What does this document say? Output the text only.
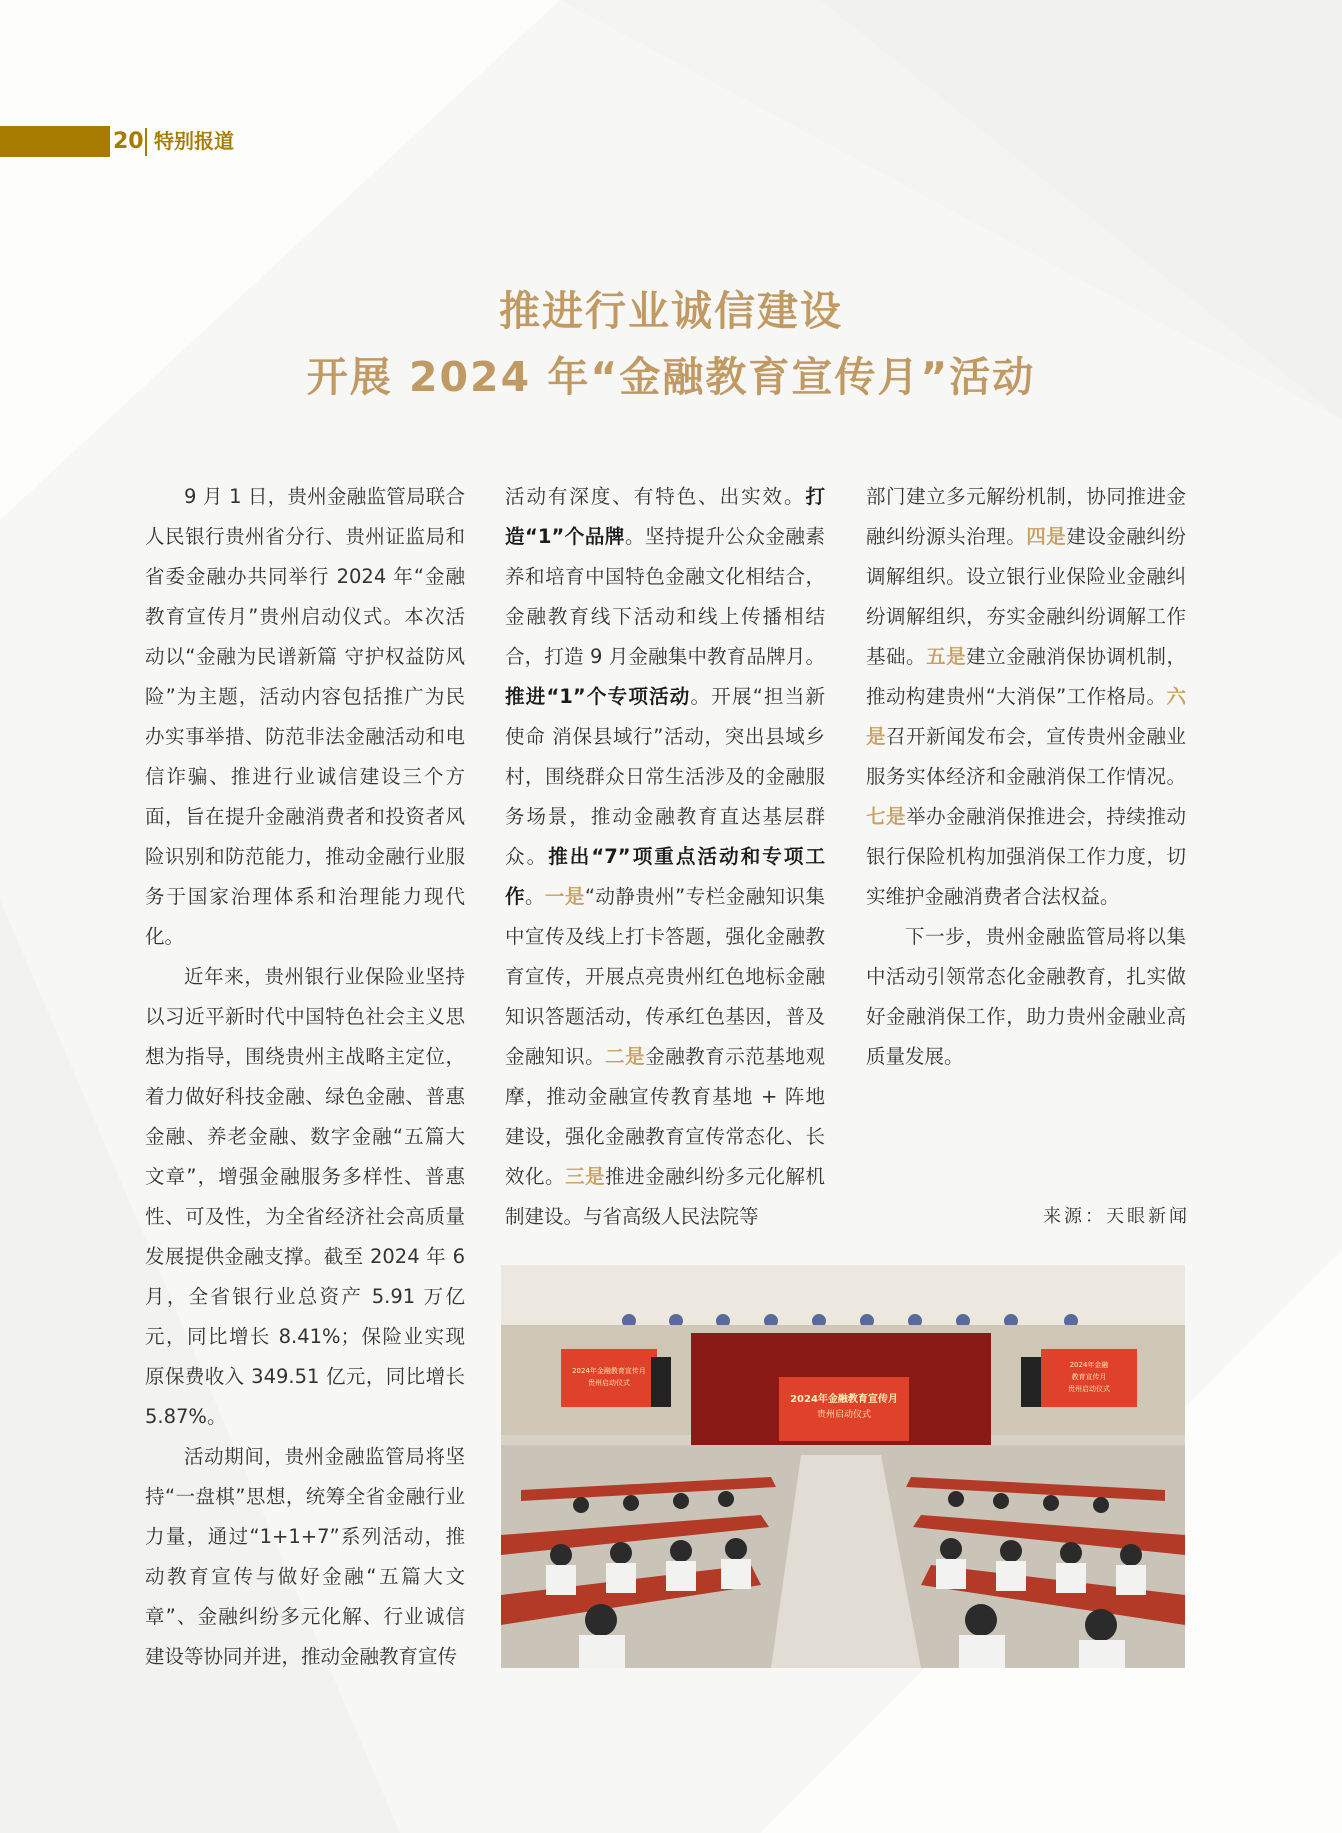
20 特别报道
推进行业诚信建设
开展 2024 年“金融教育宣传月”活动

9 月 1 日，贵州金融监管局联合人民银行贵州省分行、贵州证监局和省委金融办共同举行 2024 年“金融教育宣传月”贵州启动仪式。本次活动以“金融为民谱新篇 守护权益防风险”为主题，活动内容包括推广为民办实事举措、防范非法金融活动和电信诈骗、推进行业诚信建设三个方面，旨在提升金融消费者和投资者风险识别和防范能力，推动金融行业服务于国家治理体系和治理能力现代化。

近年来，贵州银行业保险业坚持以习近平新时代中国特色社会主义思想为指导，围绕贵州主战略主定位，着力做好科技金融、绿色金融、普惠金融、养老金融、数字金融“五篇大文章”，增强金融服务多样性、普惠性、可及性，为全省经济社会高质量发展提供金融支撑。截至 2024 年 6 月，全省银行业总资产 5.91 万亿元，同比增长 8.41%；保险业实现原保费收入 349.51 亿元，同比增长 5.87%。

活动期间，贵州金融监管局将坚持“一盘棋”思想，统筹全省金融行业力量，通过“1+1+7”系列活动，推动教育宣传与做好金融“五篇大文章”、金融纠纷多元化解、行业诚信建设等协同并进，推动金融教育宣传

活动有深度、有特色、出实效。打造“1”个品牌。坚持提升公众金融素养和培育中国特色金融文化相结合，金融教育线下活动和线上传播相结合，打造 9 月金融集中教育品牌月。推进“1”个专项活动。开展“担当新使命 消保县域行”活动，突出县域乡村，围绕群众日常生活涉及的金融服务场景，推动金融教育直达基层群众。推出“7”项重点活动和专项工作。一是“动静贵州”专栏金融知识集中宣传及线上打卡答题，强化金融教育宣传，开展点亮贵州红色地标金融知识答题活动，传承红色基因，普及金融知识。二是金融教育示范基地观摩，推动金融宣传教育基地 + 阵地建设，强化金融教育宣传常态化、长效化。三是推进金融纠纷多元化解机制建设。与省高级人民法院等

部门建立多元解纷机制，协同推进金融纠纷源头治理。四是建设金融纠纷调解组织。设立银行业保险业金融纠纷调解组织，夯实金融纠纷调解工作基础。五是建立金融消保协调机制，推动构建贵州“大消保”工作格局。六是召开新闻发布会，宣传贵州金融业服务实体经济和金融消保工作情况。七是举办金融消保推进会，持续推动银行保险机构加强消保工作力度，切实维护金融消费者合法权益。

下一步，贵州金融监管局将以集中活动引领常态化金融教育，扎实做好金融消保工作，助力贵州金融业高质量发展。

来源：天眼新闻
2024年金融教育宣传月
贵州启动仪式
2024年金融教育宣传月
贵州启动仪式
2024年金融
教育宣传月
贵州启动仪式
